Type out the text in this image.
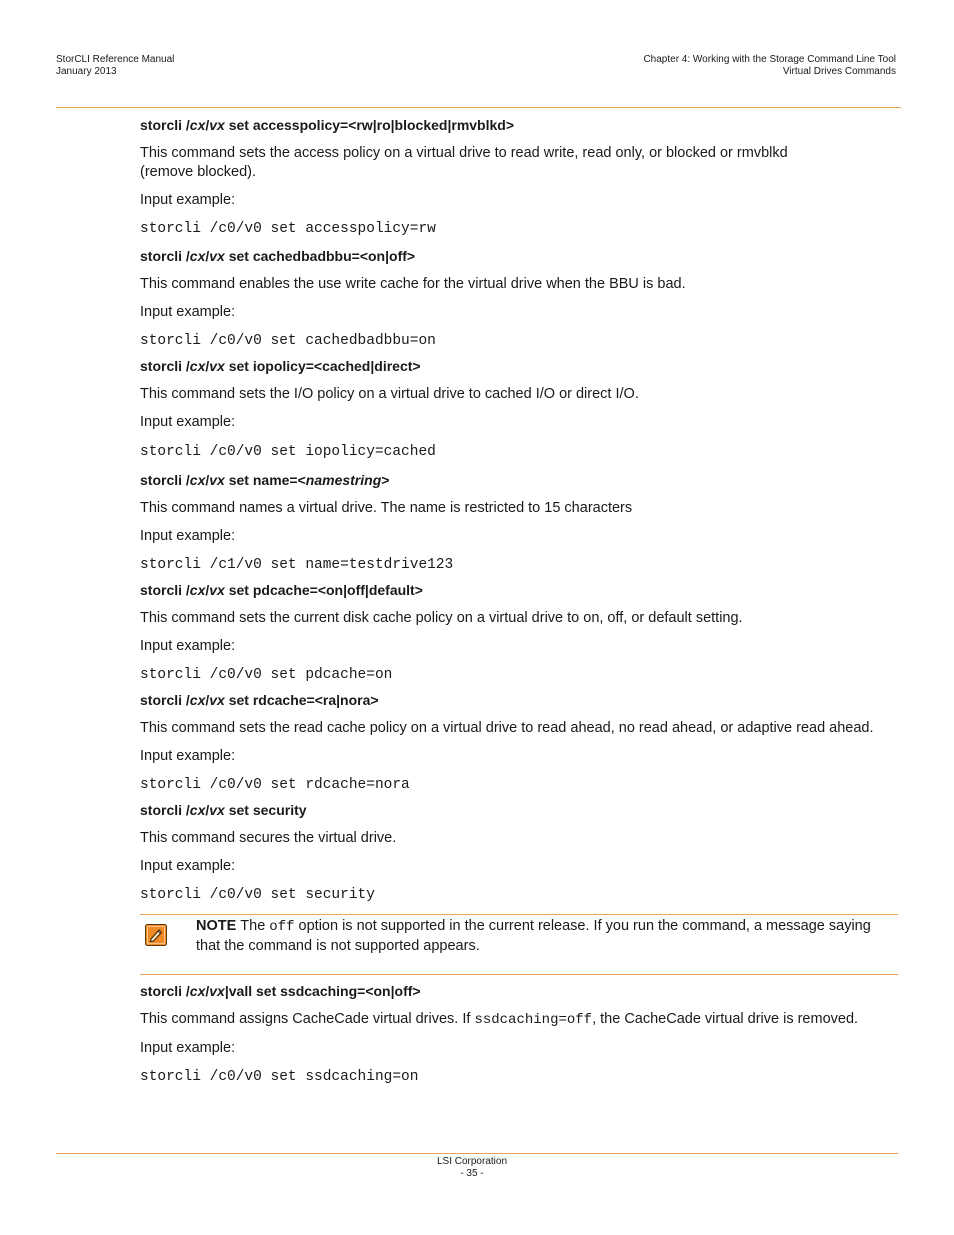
StorCLI Reference Manual
January 2013
Chapter 4: Working with the Storage Command Line Tool
Virtual Drives Commands

storcli /cx/vx set accesspolicy=<rw|ro|blocked|rmvblkd>

This command sets the access policy on a virtual drive to read write, read only, or blocked or rmvblkd (remove blocked).

Input example:

storcli /c0/v0 set accesspolicy=rw

storcli /cx/vx set cachedbadbbu=<on|off>

This command enables the use write cache for the virtual drive when the BBU is bad.

Input example:

storcli /c0/v0 set cachedbadbbu=on

storcli /cx/vx set iopolicy=<cached|direct>

This command sets the I/O policy on a virtual drive to cached I/O or direct I/O.

Input example:

storcli /c0/v0 set iopolicy=cached

storcli /cx/vx set name=<namestring>

This command names a virtual drive. The name is restricted to 15 characters

Input example:

storcli /c1/v0 set name=testdrive123

storcli /cx/vx set pdcache=<on|off|default>

This command sets the current disk cache policy on a virtual drive to on, off, or default setting.

Input example:

storcli /c0/v0 set pdcache=on

storcli /cx/vx set rdcache=<ra|nora>

This command sets the read cache policy on a virtual drive to read ahead, no read ahead, or adaptive read ahead.

Input example:

storcli /c0/v0 set rdcache=nora

storcli /cx/vx set security

This command secures the virtual drive.

Input example:

storcli /c0/v0 set security

NOTE The off option is not supported in the current release. If you run the command, a message saying that the command is not supported appears.

storcli /cx/vx|vall set ssdcaching=<on|off>

This command assigns CacheCade virtual drives. If ssdcaching=off, the CacheCade virtual drive is removed.

Input example:

storcli /c0/v0 set ssdcaching=on

LSI Corporation
- 35 -
